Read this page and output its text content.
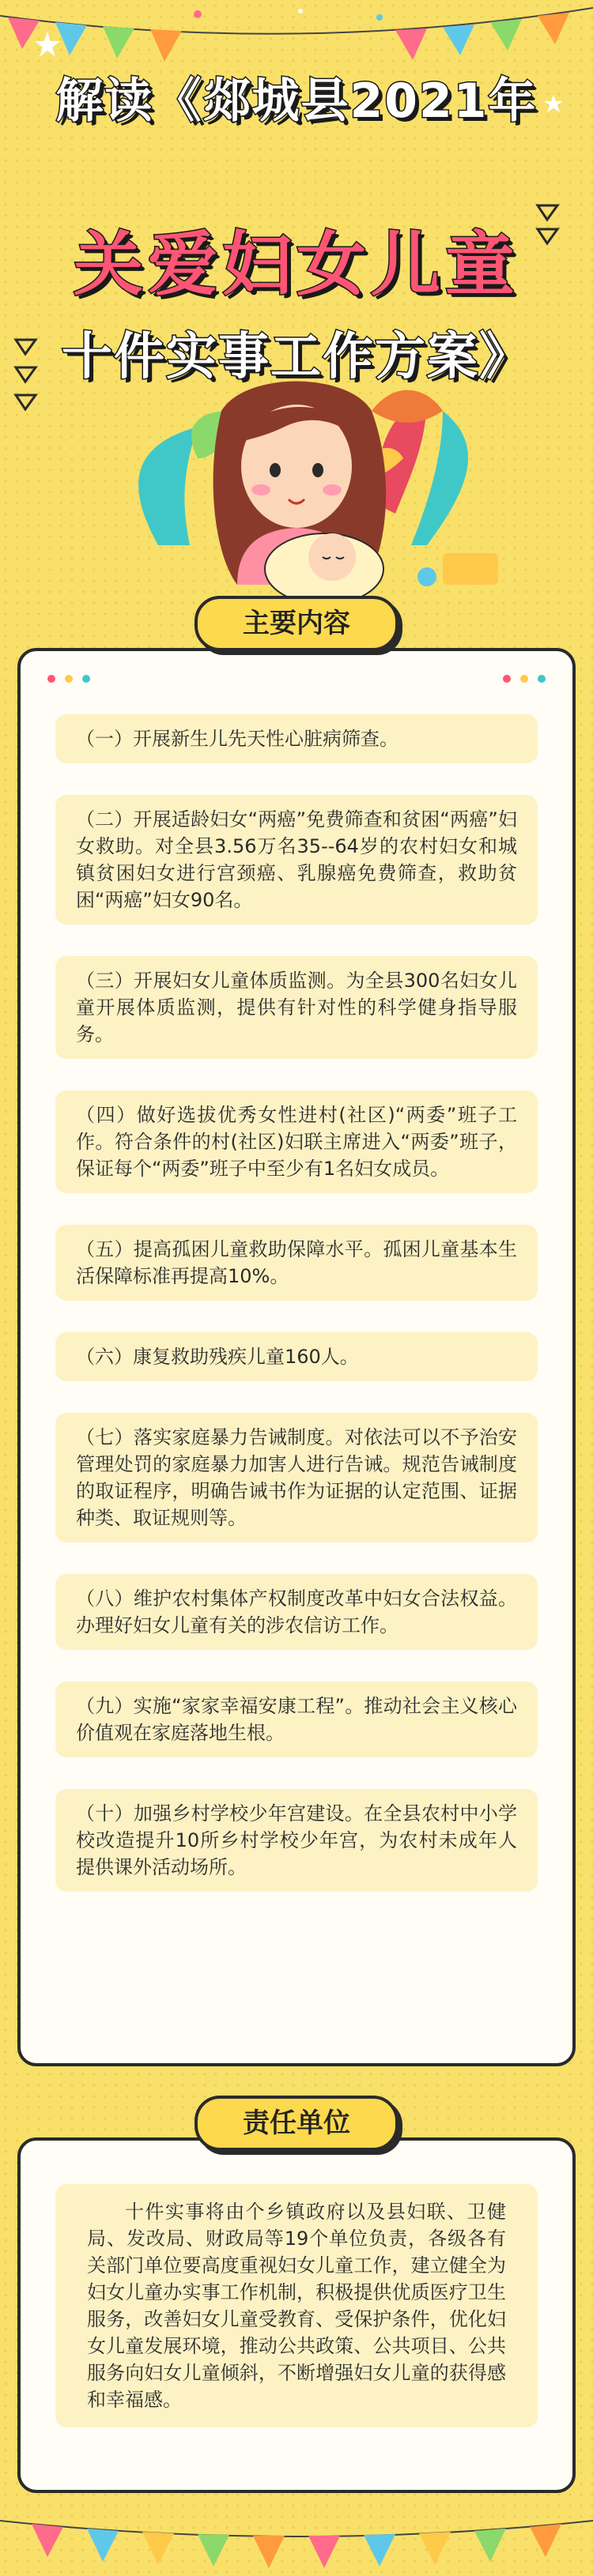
解读《郯城县2021年
关爱妇女儿童
十件实事工作方案》
主要内容
（一）开展新生儿先天性心脏病筛查。
（二）开展适龄妇女“两癌”免费筛查和贫困“两癌”妇女救助。对全县3.56万名35--64岁的农村妇女和城镇贫困妇女进行宫颈癌、乳腺癌免费筛查，救助贫困“两癌”妇女90名。
（三）开展妇女儿童体质监测。为全县300名妇女儿童开展体质监测，提供有针对性的科学健身指导服务。
（四）做好选拔优秀女性进村(社区)“两委”班子工作。符合条件的村(社区)妇联主席进入“两委”班子，保证每个“两委”班子中至少有1名妇女成员。
（五）提高孤困儿童救助保障水平。孤困儿童基本生活保障标准再提高10%。
（六）康复救助残疾儿童160人。
（七）落实家庭暴力告诫制度。对依法可以不予治安管理处罚的家庭暴力加害人进行告诫。规范告诫制度的取证程序，明确告诫书作为证据的认定范围、证据种类、取证规则等。
（八）维护农村集体产权制度改革中妇女合法权益。办理好妇女儿童有关的涉农信访工作。
（九）实施“家家幸福安康工程”。推动社会主义核心价值观在家庭落地生根。
（十）加强乡村学校少年宫建设。在全县农村中小学校改造提升10所乡村学校少年宫，为农村未成年人提供课外活动场所。
责任单位
十件实事将由个乡镇政府以及县妇联、卫健局、发改局、财政局等19个单位负责，各级各有关部门单位要高度重视妇女儿童工作，建立健全为妇女儿童办实事工作机制，积极提供优质医疗卫生服务，改善妇女儿童受教育、受保护条件，优化妇女儿童发展环境，推动公共政策、公共项目、公共服务向妇女儿童倾斜，不断增强妇女儿童的获得感和幸福感。
